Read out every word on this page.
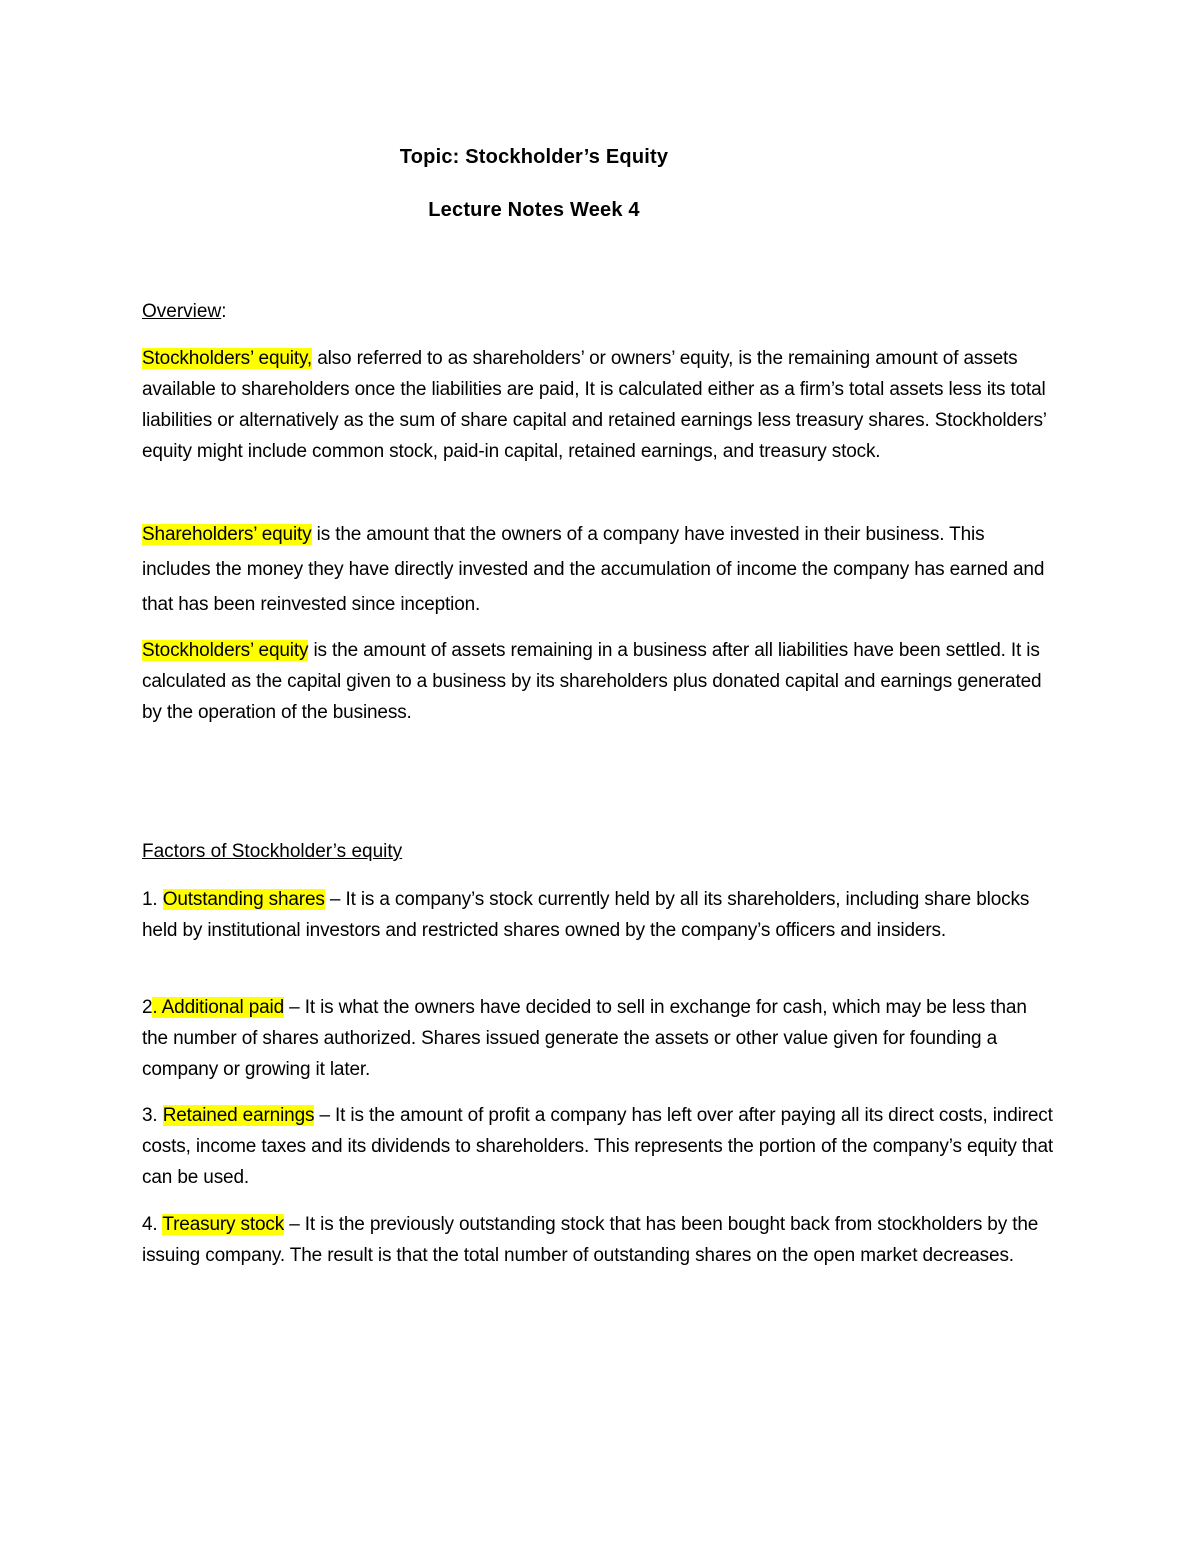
Topic: Stockholder’s Equity
Lecture Notes Week 4
Overview:

Stockholders’ equity, also referred to as shareholders’ or owners’ equity, is the remaining amount of assets available to shareholders once the liabilities are paid, It is calculated either as a firm’s total assets less its total liabilities or alternatively as the sum of share capital and retained earnings less treasury shares. Stockholders’ equity might include common stock, paid-in capital, retained earnings, and treasury stock.

Shareholders’ equity is the amount that the owners of a company have invested in their business. This includes the money they have directly invested and the accumulation of income the company has earned and that has been reinvested since inception.

Stockholders’ equity is the amount of assets remaining in a business after all liabilities have been settled. It is calculated as the capital given to a business by its shareholders plus donated capital and earnings generated by the operation of the business.

Factors of Stockholder’s equity

1. Outstanding shares – It is a company’s stock currently held by all its shareholders, including share blocks held by institutional investors and restricted shares owned by the company’s officers and insiders.

2. Additional paid – It is what the owners have decided to sell in exchange for cash, which may be less than the number of shares authorized. Shares issued generate the assets or other value given for founding a company or growing it later.

3. Retained earnings – It is the amount of profit a company has left over after paying all its direct costs, indirect costs, income taxes and its dividends to shareholders. This represents the portion of the company’s equity that can be used.

4. Treasury stock – It is the previously outstanding stock that has been bought back from stockholders by the issuing company. The result is that the total number of outstanding shares on the open market decreases.
